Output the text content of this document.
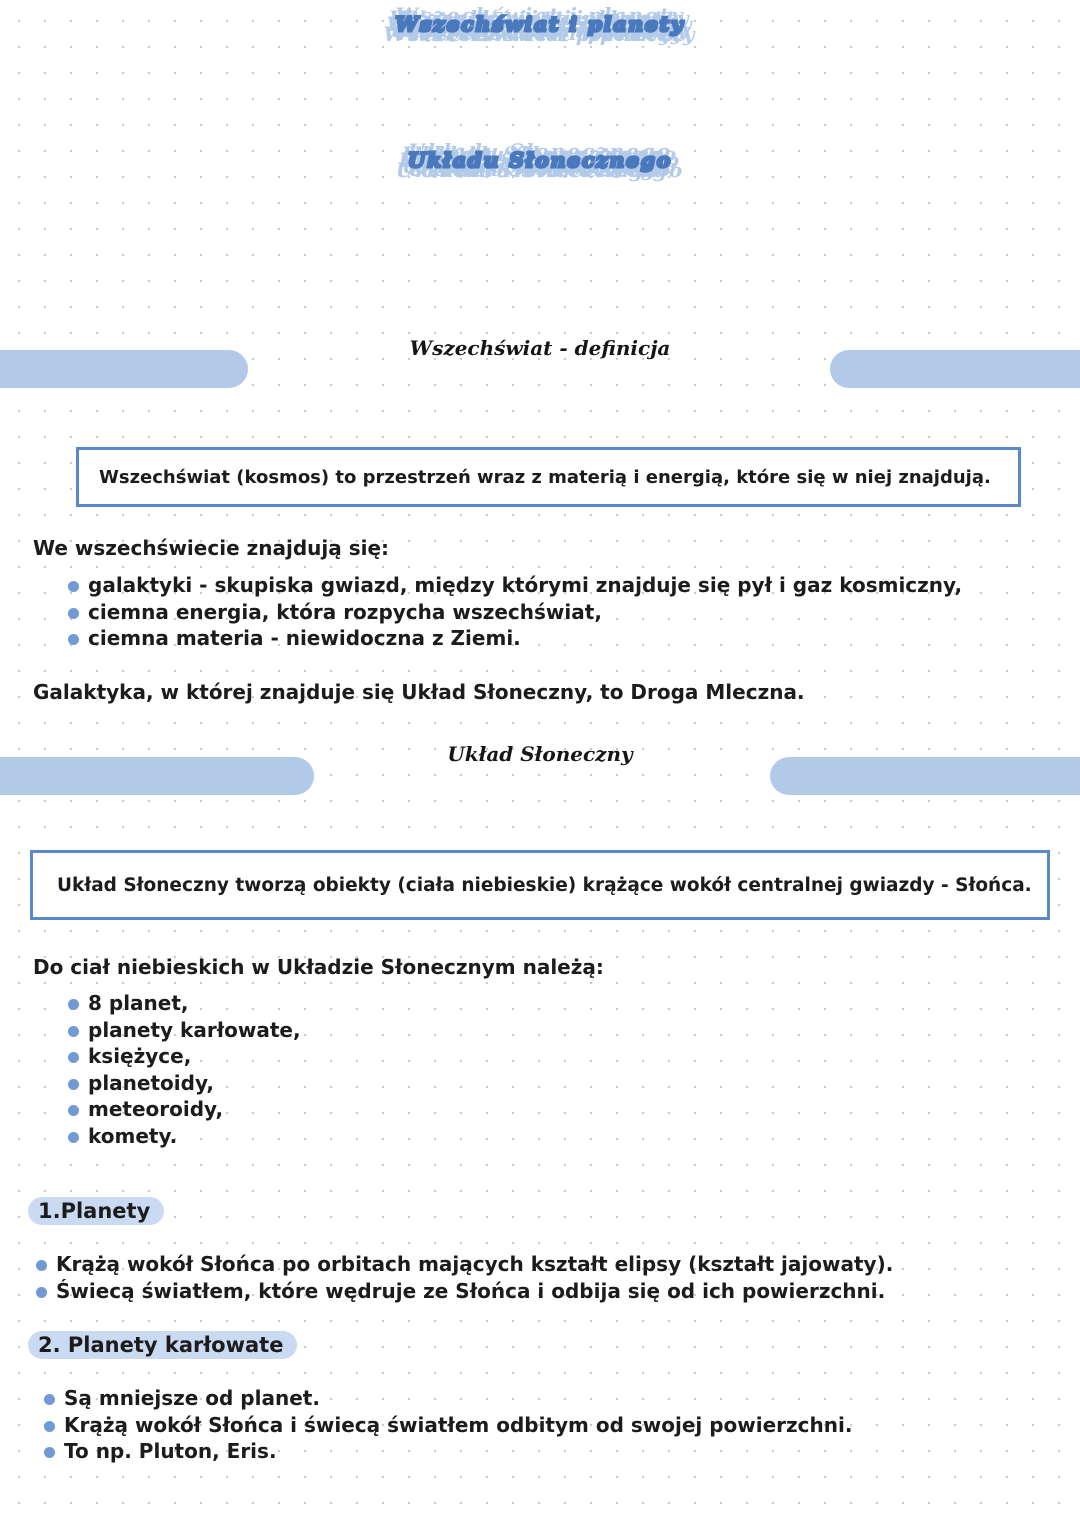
Wszechświat i planety
Układu Słonecznego
Wszechświat - definicja
Wszechświat (kosmos) to przestrzeń wraz z materią i energią, które się w niej znajdują.
We wszechświecie znajdują się:
galaktyki - skupiska gwiazd, między którymi znajduje się pył i gaz kosmiczny,
ciemna energia, która rozpycha wszechświat,
ciemna materia - niewidoczna z Ziemi.
Galaktyka, w której znajduje się Układ Słoneczny, to Droga Mleczna.
Układ Słoneczny
Układ Słoneczny tworzą obiekty (ciała niebieskie) krążące wokół centralnej gwiazdy - Słońca.
Do ciał niebieskich w Układzie Słonecznym należą:
8 planet,
planety karłowate,
księżyce,
planetoidy,
meteoroidy,
komety.
1.Planety
Krążą wokół Słońca po orbitach mających kształt elipsy (kształt jajowaty).
Świecą światłem, które wędruje ze Słońca i odbija się od ich powierzchni.
2. Planety karłowate
Są mniejsze od planet.
Krążą wokół Słońca i świecą światłem odbitym od swojej powierzchni.
To np. Pluton, Eris.
